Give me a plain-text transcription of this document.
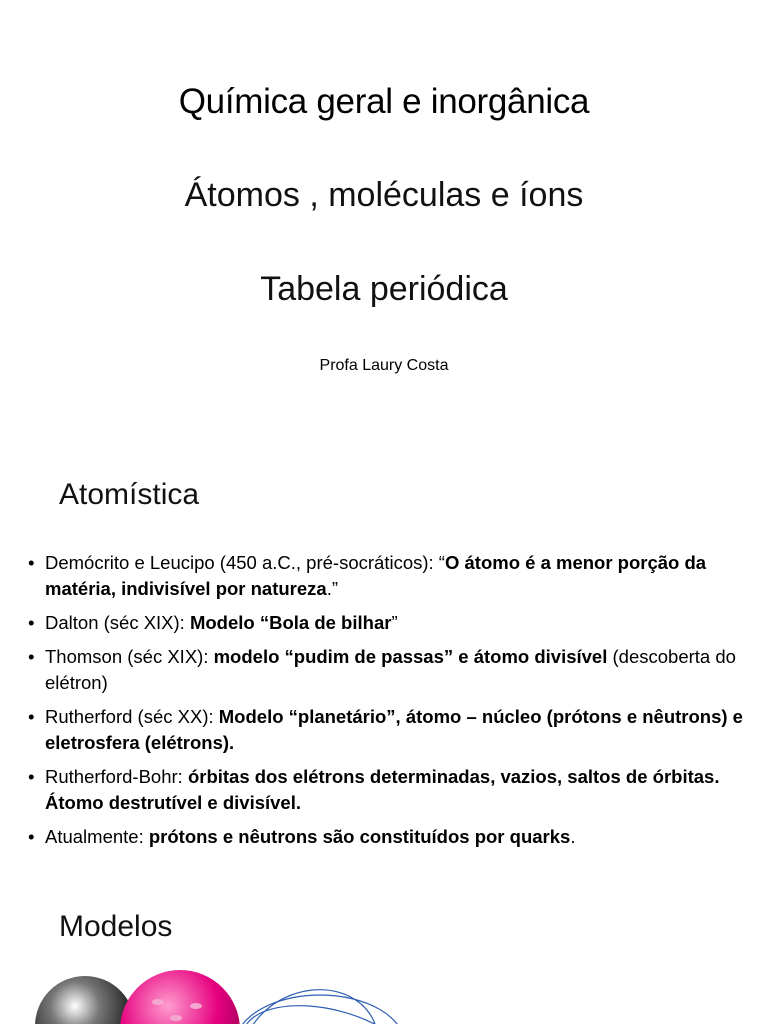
Química geral e inorgânica
Átomos , moléculas e íons
Tabela periódica
Profa Laury Costa
Atomística
• Demócrito e Leucipo (450 a.C., pré-socráticos): “O átomo é a menor porção da matéria, indivisível por natureza.”
• Dalton (séc XIX): Modelo “Bola de bilhar”
• Thomson (séc XIX): modelo “pudim de passas” e átomo divisível (descoberta do elétron)
• Rutherford (séc XX): Modelo “planetário”, átomo – núcleo (prótons e nêutrons) e eletrosfera (elétrons).
• Rutherford-Bohr: órbitas dos elétrons determinadas, vazios, saltos de órbitas. Átomo destrutível e divisível.
• Atualmente: prótons e nêutrons são constituídos por quarks.
Modelos
